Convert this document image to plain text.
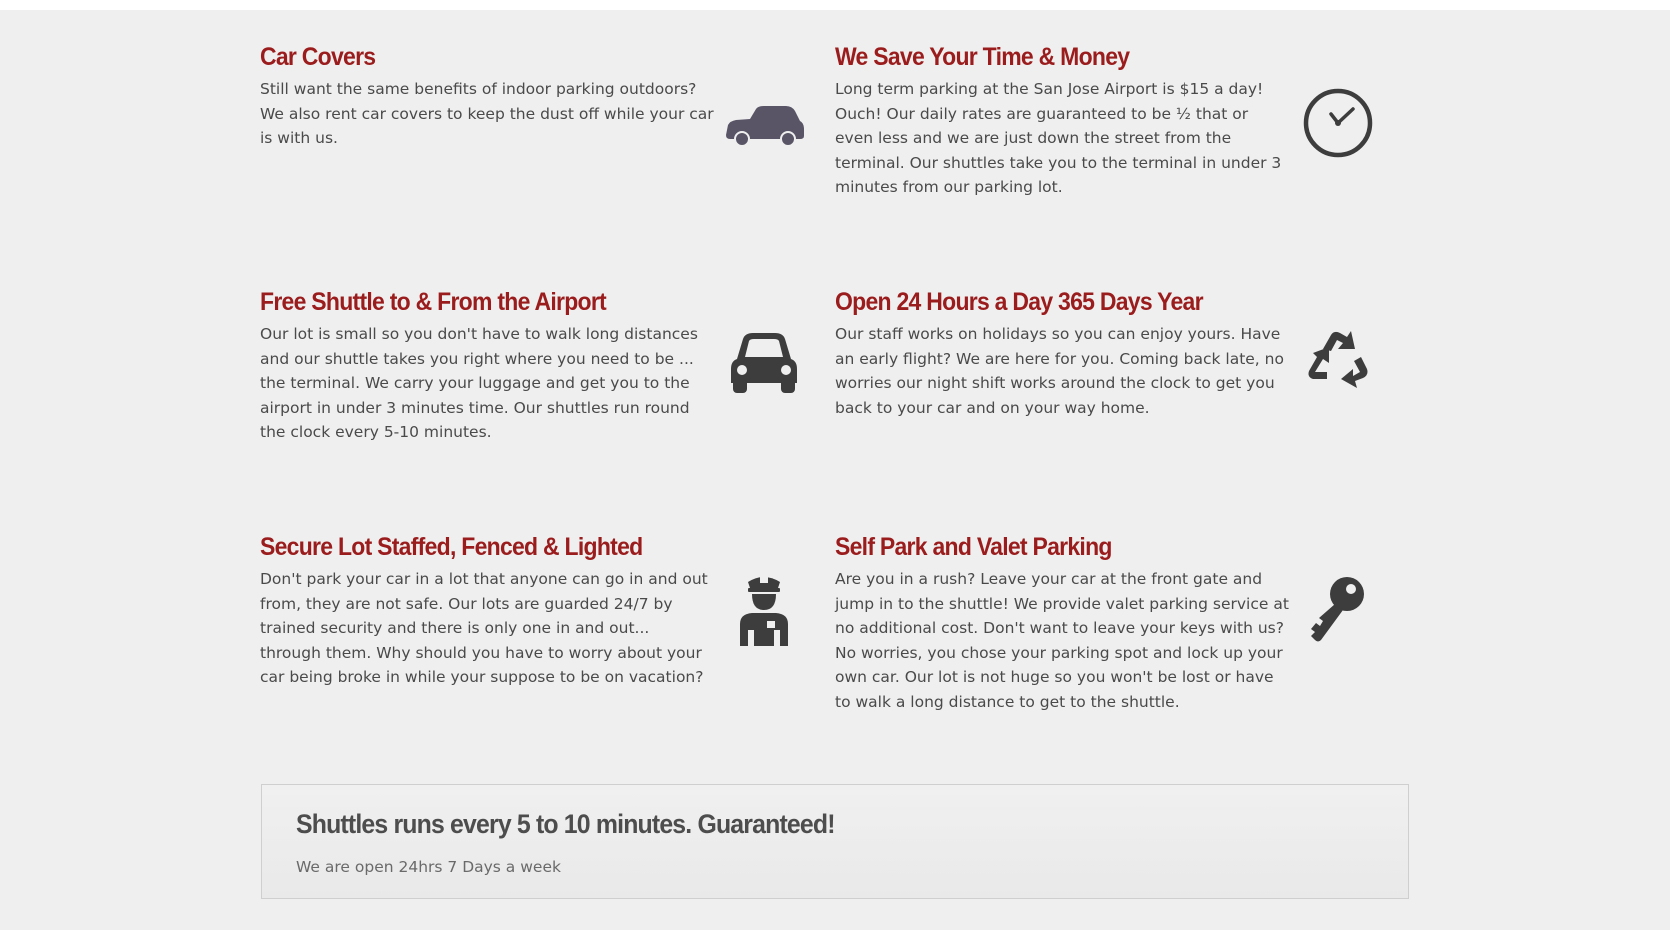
Car Covers

Still want the same benefits of indoor parking outdoors? We also rent car covers to keep the dust off while your car is with us.

We Save Your Time & Money

Long term parking at the San Jose Airport is $15 a day! Ouch! Our daily rates are guaranteed to be ½ that or even less and we are just down the street from the terminal. Our shuttles take you to the terminal in under 3 minutes from our parking lot.

Free Shuttle to & From the Airport

Our lot is small so you don't have to walk long distances and our shuttle takes you right where you need to be ... the terminal. We carry your luggage and get you to the airport in under 3 minutes time. Our shuttles run round the clock every 5-10 minutes.

Open 24 Hours a Day 365 Days Year

Our staff works on holidays so you can enjoy yours. Have an early flight? We are here for you. Coming back late, no worries our night shift works around the clock to get you back to your car and on your way home.

Secure Lot Staffed, Fenced & Lighted

Don't park your car in a lot that anyone can go in and out from, they are not safe. Our lots are guarded 24/7 by trained security and there is only one in and out... through them. Why should you have to worry about your car being broke in while your suppose to be on vacation?

Self Park and Valet Parking

Are you in a rush? Leave your car at the front gate and jump in to the shuttle! We provide valet parking service at no additional cost. Don't want to leave your keys with us? No worries, you chose your parking spot and lock up your own car. Our lot is not huge so you won't be lost or have to walk a long distance to get to the shuttle.

Shuttles runs every 5 to 10 minutes. Guaranteed!

We are open 24hrs 7 Days a week
